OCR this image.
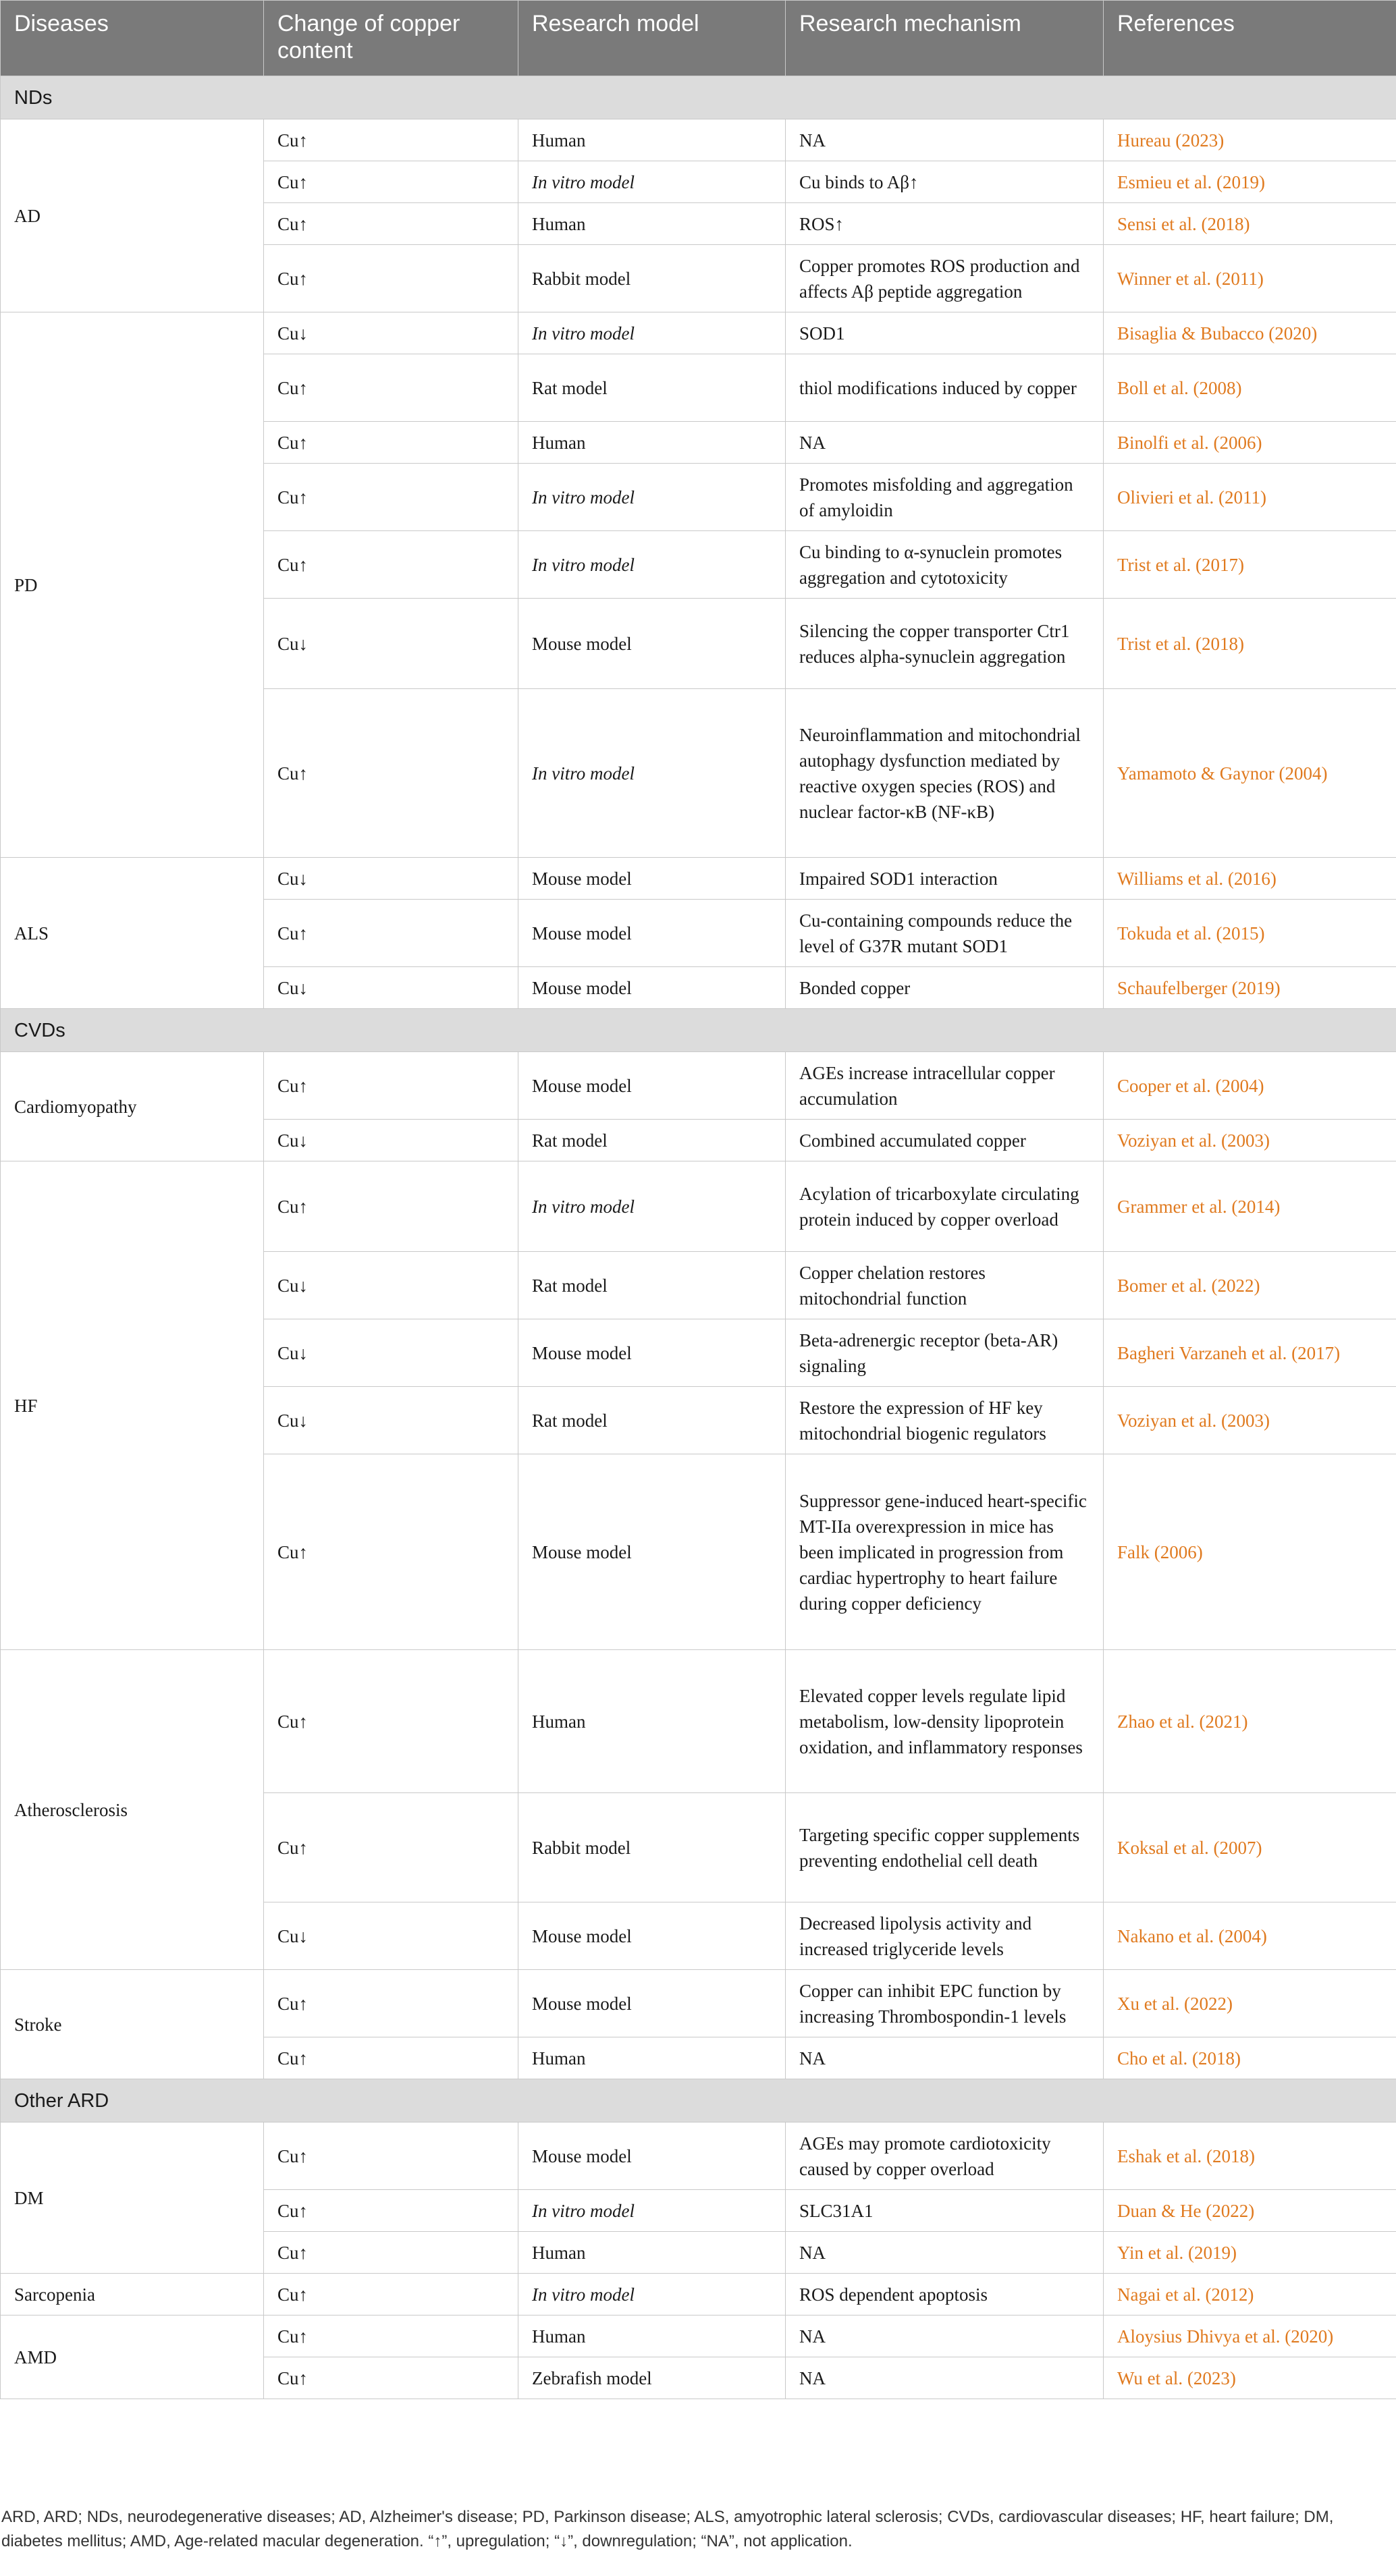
Diseases	Change of copper content	Research model	Research mechanism	References
NDs				
AD	Cu↑	Human	NA	Hureau (2023)
	Cu↑	In vitro model	Cu binds to Aβ↑	Esmieu et al. (2019)
	Cu↑	Human	ROS↑	Sensi et al. (2018)
	Cu↑	Rabbit model	Copper promotes ROS production and affects Aβ peptide aggregation	Winner et al. (2011)
PD	Cu↓	In vitro model	SOD1	Bisaglia & Bubacco (2020)
	Cu↑	Rat model	thiol modifications induced by copper	Boll et al. (2008)
	Cu↑	Human	NA	Binolfi et al. (2006)
	Cu↑	In vitro model	Promotes misfolding and aggregation of amyloidin	Olivieri et al. (2011)
	Cu↑	In vitro model	Cu binding to α-synuclein promotes aggregation and cytotoxicity	Trist et al. (2017)
	Cu↓	Mouse model	Silencing the copper transporter Ctr1 reduces alpha-synuclein aggregation	Trist et al. (2018)
	Cu↑	In vitro model	Neuroinflammation and mitochondrial autophagy dysfunction mediated by reactive oxygen species (ROS) and nuclear factor-κB (NF-κB)	Yamamoto & Gaynor (2004)
ALS	Cu↓	Mouse model	Impaired SOD1 interaction	Williams et al. (2016)
	Cu↑	Mouse model	Cu-containing compounds reduce the level of G37R mutant SOD1	Tokuda et al. (2015)
	Cu↓	Mouse model	Bonded copper	Schaufelberger (2019)
CVDs				
Cardiomyopathy	Cu↑	Mouse model	AGEs increase intracellular copper accumulation	Cooper et al. (2004)
	Cu↓	Rat model	Combined accumulated copper	Voziyan et al. (2003)
HF	Cu↑	In vitro model	Acylation of tricarboxylate circulating protein induced by copper overload	Grammer et al. (2014)
	Cu↓	Rat model	Copper chelation restores mitochondrial function	Bomer et al. (2022)
	Cu↓	Mouse model	Beta-adrenergic receptor (beta-AR) signaling	Bagheri Varzaneh et al. (2017)
	Cu↓	Rat model	Restore the expression of HF key mitochondrial biogenic regulators	Voziyan et al. (2003)
	Cu↑	Mouse model	Suppressor gene-induced heart-specific MT-IIa overexpression in mice has been implicated in progression from cardiac hypertrophy to heart failure during copper deficiency	Falk (2006)
Atherosclerosis	Cu↑	Human	Elevated copper levels regulate lipid metabolism, low-density lipoprotein oxidation, and inflammatory responses	Zhao et al. (2021)
	Cu↑	Rabbit model	Targeting specific copper supplements preventing endothelial cell death	Koksal et al. (2007)
	Cu↓	Mouse model	Decreased lipolysis activity and increased triglyceride levels	Nakano et al. (2004)
Stroke	Cu↑	Mouse model	Copper can inhibit EPC function by increasing Thrombospondin-1 levels	Xu et al. (2022)
	Cu↑	Human	NA	Cho et al. (2018)
Other ARD				
DM	Cu↑	Mouse model	AGEs may promote cardiotoxicity caused by copper overload	Eshak et al. (2018)
	Cu↑	In vitro model	SLC31A1	Duan & He (2022)
	Cu↑	Human	NA	Yin et al. (2019)
Sarcopenia	Cu↑	In vitro model	ROS dependent apoptosis	Nagai et al. (2012)
AMD	Cu↑	Human	NA	Aloysius Dhivya et al. (2020)
	Cu↑	Zebrafish model	NA	Wu et al. (2023)
ARD, ARD; NDs, neurodegenerative diseases; AD, Alzheimer's disease; PD, Parkinson disease; ALS, amyotrophic lateral sclerosis; CVDs, cardiovascular diseases; HF, heart failure; DM, diabetes mellitus; AMD, Age-related macular degeneration. “↑”, upregulation; “↓”, downregulation; “NA”, not application.
